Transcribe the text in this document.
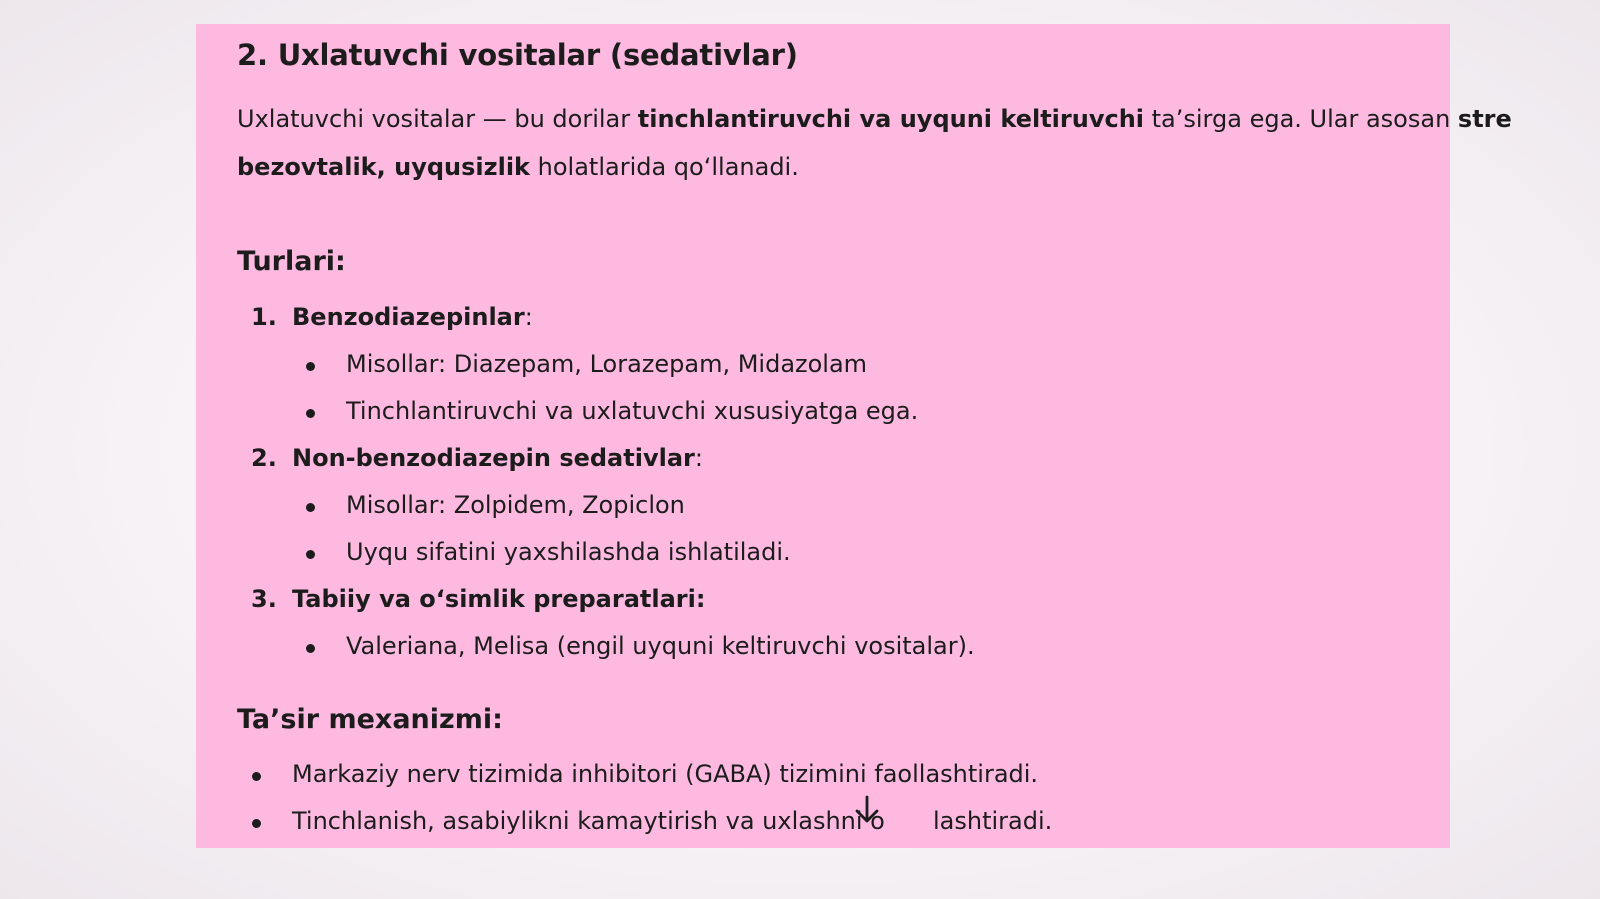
2. Uxlatuvchi vositalar (sedativlar)

Uxlatuvchi vositalar — bu dorilar tinchlantiruvchi va uyquni keltiruvchi ta’sirga ega. Ular asosan stre
bezovtalik, uyqusizlik holatlarida qo‘llanadi.

Turlari:
1. Benzodiazepinlar:
Misollar: Diazepam, Lorazepam, Midazolam
Tinchlantiruvchi va uxlatuvchi xususiyatga ega.
2. Non-benzodiazepin sedativlar:
Misollar: Zolpidem, Zopiclon
Uyqu sifatini yaxshilashda ishlatiladi.
3. Tabiiy va o‘simlik preparatlari:
Valeriana, Melisa (engil uyquni keltiruvchi vositalar).
Ta’sir mexanizmi:
Markaziy nerv tizimida inhibitori (GABA) tizimini faollashtiradi.
Tinchlanish, asabiylikni kamaytirish va uxlashni o lashtiradi.
